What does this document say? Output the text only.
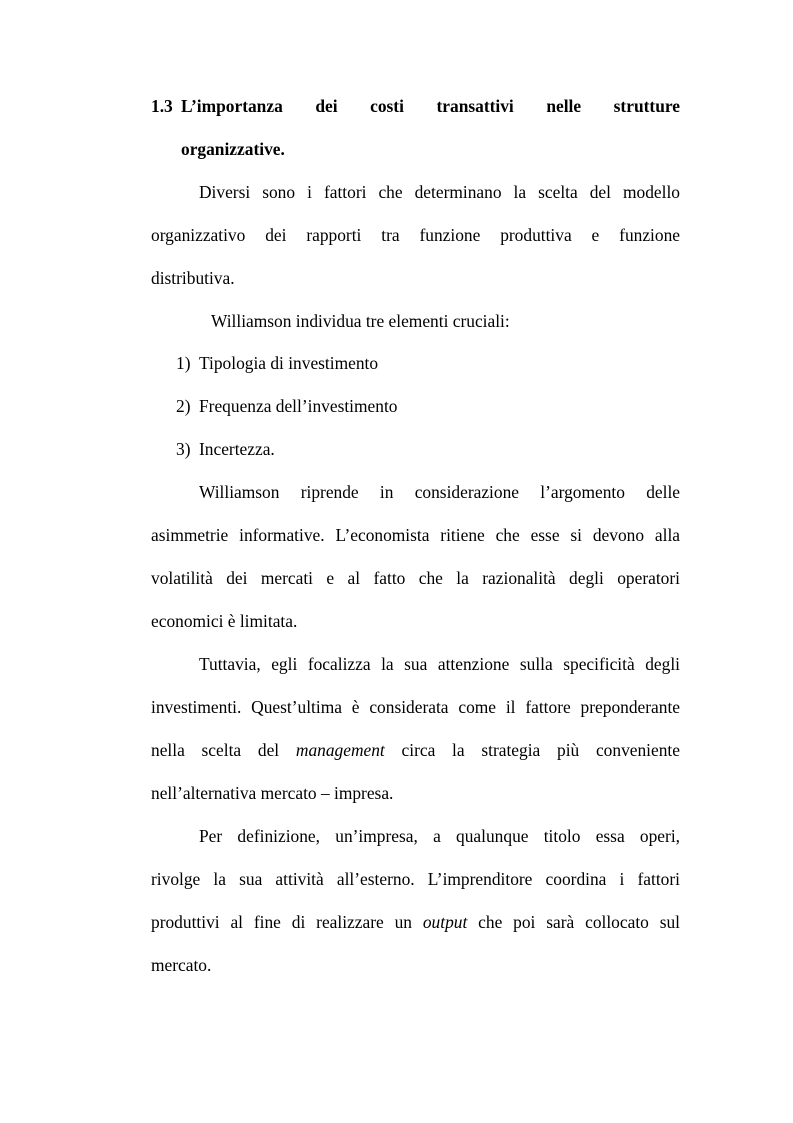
1.3 L’importanza dei costi transattivi nelle strutture
organizzative.
Diversi sono i fattori che determinano la scelta del modello
organizzativo dei rapporti tra funzione produttiva e funzione
distributiva.
Williamson individua tre elementi cruciali:
1) Tipologia di investimento
2) Frequenza dell’investimento
3) Incertezza.
Williamson riprende in considerazione l’argomento delle
asimmetrie informative. L’economista ritiene che esse si devono alla
volatilità dei mercati e al fatto che la razionalità degli operatori
economici è limitata.
Tuttavia, egli focalizza la sua attenzione sulla specificità degli
investimenti. Quest’ultima è considerata come il fattore preponderante
nella scelta del management circa la strategia più conveniente
nell’alternativa mercato – impresa.
Per definizione, un’impresa, a qualunque titolo essa operi,
rivolge la sua attività all’esterno. L’imprenditore coordina i fattori
produttivi al fine di realizzare un output che poi sarà collocato sul
mercato.
